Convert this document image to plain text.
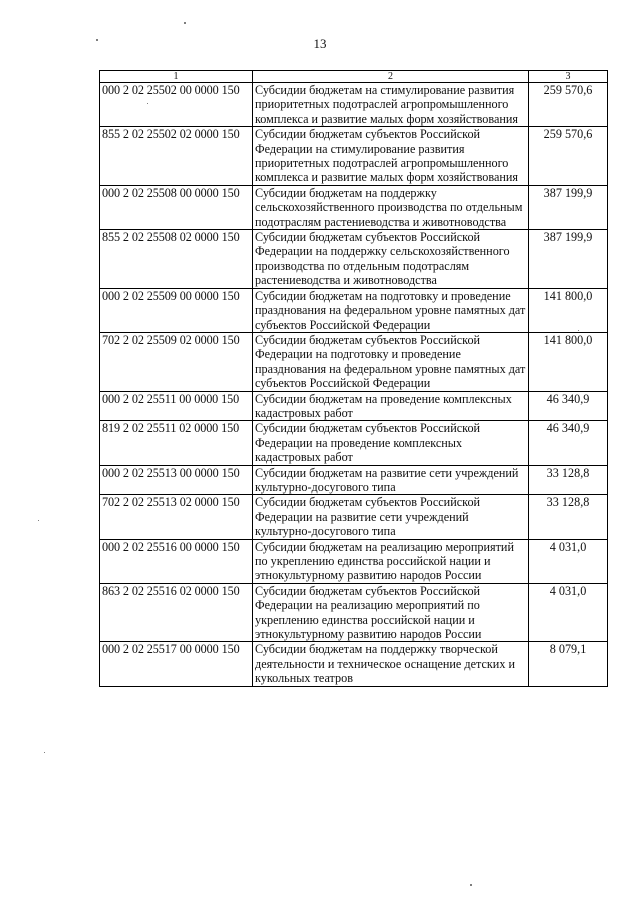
13
1	2	3
000 2 02 25502 00 0000 150	Субсидии бюджетам на стимулирование развития приоритетных подотраслей агропромышленного комплекса и развитие малых форм хозяйствования	259 570,6
855 2 02 25502 02 0000 150	Субсидии бюджетам субъектов Российской Федерации на стимулирование развития приоритетных подотраслей агропромышленного комплекса и развитие малых форм хозяйствования	259 570,6
000 2 02 25508 00 0000 150	Субсидии бюджетам на поддержку сельскохозяйственного производства по отдельным подотраслям растениеводства и животноводства	387 199,9
855 2 02 25508 02 0000 150	Субсидии бюджетам субъектов Российской Федерации на поддержку сельскохозяйственного производства по отдельным подотраслям растениеводства и животноводства	387 199,9
000 2 02 25509 00 0000 150	Субсидии бюджетам на подготовку и проведение празднования на федеральном уровне памятных дат субъектов Российской Федерации	141 800,0
702 2 02 25509 02 0000 150	Субсидии бюджетам субъектов Российской Федерации на подготовку и проведение празднования на федеральном уровне памятных дат субъектов Российской Федерации	141 800,0
000 2 02 25511 00 0000 150	Субсидии бюджетам на проведение комплексных кадастровых работ	46 340,9
819 2 02 25511 02 0000 150	Субсидии бюджетам субъектов Российской Федерации на проведение комплексных кадастровых работ	46 340,9
000 2 02 25513 00 0000 150	Субсидии бюджетам на развитие сети учреждений культурно-досугового типа	33 128,8
702 2 02 25513 02 0000 150	Субсидии бюджетам субъектов Российской Федерации на развитие сети учреждений культурно-досугового типа	33 128,8
000 2 02 25516 00 0000 150	Субсидии бюджетам на реализацию мероприятий по укреплению единства российской нации и этнокультурному развитию народов России	4 031,0
863 2 02 25516 02 0000 150	Субсидии бюджетам субъектов Российской Федерации на реализацию мероприятий по укреплению единства российской нации и этнокультурному развитию народов России	4 031,0
000 2 02 25517 00 0000 150	Субсидии бюджетам на поддержку творческой деятельности и техническое оснащение детских и кукольных театров	8 079,1
